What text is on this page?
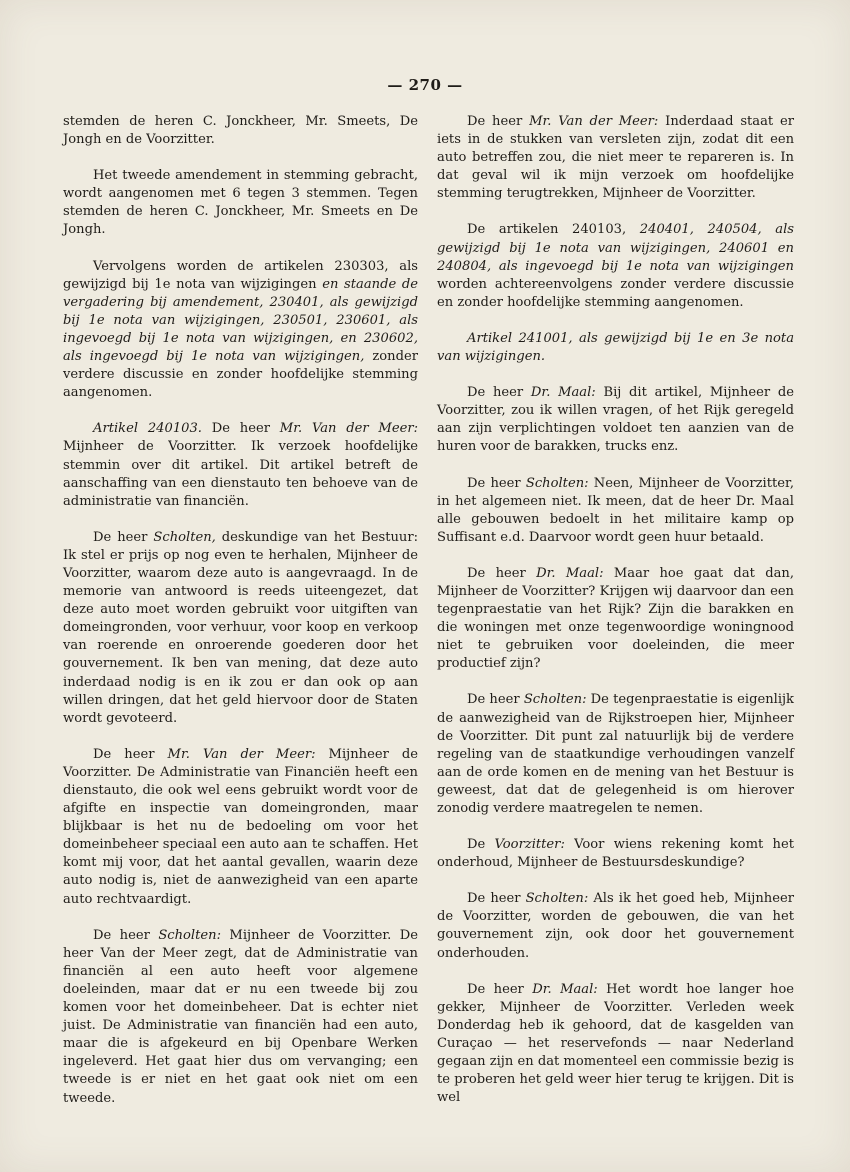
— 270 —

stemden de heren C. Jonckheer, Mr. Smeets, De Jongh en de Voorzitter.

Het tweede amendement in stemming gebracht, wordt aangenomen met 6 tegen 3 stemmen. Tegen stemden de heren C. Jonckheer, Mr. Smeets en De Jongh.

Vervolgens worden de artikelen 230303, als gewijzigd bij 1e nota van wijzigingen en staande de vergadering bij amendement, 230401, als gewijzigd bij 1e nota van wijzigingen, 230501, 230601, als ingevoegd bij 1e nota van wijzigingen, en 230602, als ingevoegd bij 1e nota van wijzigingen, zonder verdere discussie en zonder hoofdelijke stemming aangenomen.

Artikel 240103. De heer Mr. Van der Meer: Mijnheer de Voorzitter. Ik verzoek hoofdelijke stemmin over dit artikel. Dit artikel betreft de aanschaffing van een dienstauto ten behoeve van de administratie van financiën.

De heer Scholten, deskundige van het Bestuur: Ik stel er prijs op nog even te herhalen, Mijnheer de Voorzitter, waarom deze auto is aangevraagd. In de memorie van antwoord is reeds uiteengezet, dat deze auto moet worden gebruikt voor uitgiften van domeingronden, voor verhuur, voor koop en verkoop van roerende en onroerende goederen door het gouvernement. Ik ben van mening, dat deze auto inderdaad nodig is en ik zou er dan ook op aan willen dringen, dat het geld hiervoor door de Staten wordt gevoteerd.

De heer Mr. Van der Meer: Mijnheer de Voorzitter. De Administratie van Financiën heeft een dienstauto, die ook wel eens gebruikt wordt voor de afgifte en inspectie van domeingronden, maar blijkbaar is het nu de bedoeling om voor het domeinbeheer speciaal een auto aan te schaffen. Het komt mij voor, dat het aantal gevallen, waarin deze auto nodig is, niet de aanwezigheid van een aparte auto rechtvaardigt.

De heer Scholten: Mijnheer de Voorzitter. De heer Van der Meer zegt, dat de Administratie van financiën al een auto heeft voor algemene doeleinden, maar dat er nu een tweede bij zou komen voor het domeinbeheer. Dat is echter niet juist. De Administratie van financiën had een auto, maar die is afgekeurd en bij Openbare Werken ingeleverd. Het gaat hier dus om vervanging; een tweede is er niet en het gaat ook niet om een tweede.

De heer Mr. Van der Meer: Inderdaad staat er iets in de stukken van versleten zijn, zodat dit een auto betreffen zou, die niet meer te repareren is. In dat geval wil ik mijn verzoek om hoofdelijke stemming terugtrekken, Mijnheer de Voorzitter.

De artikelen 240103, 240401, 240504, als gewijzigd bij 1e nota van wijzigingen, 240601 en 240804, als ingevoegd bij 1e nota van wijzigingen worden achtereenvolgens zonder verdere discussie en zonder hoofdelijke stemming aangenomen.

Artikel 241001, als gewijzigd bij 1e en 3e nota van wijzigingen.

De heer Dr. Maal: Bij dit artikel, Mijnheer de Voorzitter, zou ik willen vragen, of het Rijk geregeld aan zijn verplichtingen voldoet ten aanzien van de huren voor de barakken, trucks enz.

De heer Scholten: Neen, Mijnheer de Voorzitter, in het algemeen niet. Ik meen, dat de heer Dr. Maal alle gebouwen bedoelt in het militaire kamp op Suffisant e.d. Daarvoor wordt geen huur betaald.

De heer Dr. Maal: Maar hoe gaat dat dan, Mijnheer de Voorzitter? Krijgen wij daarvoor dan een tegenpraestatie van het Rijk? Zijn die barakken en die woningen met onze tegenwoordige woningnood niet te gebruiken voor doeleinden, die meer productief zijn?

De heer Scholten: De tegenpraestatie is eigenlijk de aanwezigheid van de Rijkstroepen hier, Mijnheer de Voorzitter. Dit punt zal natuurlijk bij de verdere regeling van de staatkundige verhoudingen vanzelf aan de orde komen en de mening van het Bestuur is geweest, dat dat de gelegenheid is om hierover zonodig verdere maatregelen te nemen.

De Voorzitter: Voor wiens rekening komt het onderhoud, Mijnheer de Bestuursdeskundige?

De heer Scholten: Als ik het goed heb, Mijnheer de Voorzitter, worden de gebouwen, die van het gouvernement zijn, ook door het gouvernement onderhouden.

De heer Dr. Maal: Het wordt hoe langer hoe gekker, Mijnheer de Voorzitter. Verleden week Donderdag heb ik gehoord, dat de kasgelden van Curaçao — het reservefonds — naar Nederland gegaan zijn en dat momenteel een commissie bezig is te proberen het geld weer hier terug te krijgen. Dit is wel
